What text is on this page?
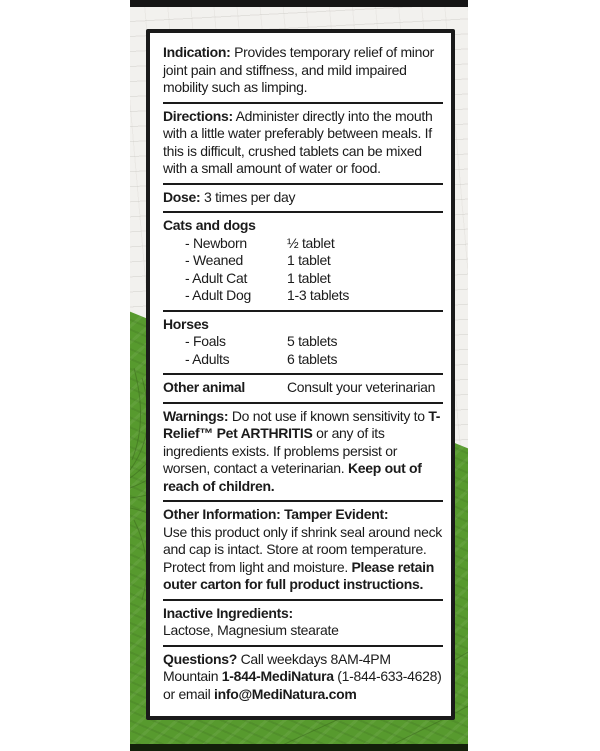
Indication: Provides temporary relief of minor joint pain and stiffness, and mild impaired mobility such as limping.

Directions: Administer directly into the mouth with a little water preferably between meals. If this is difficult, crushed tablets can be mixed with a small amount of water or food.

Dose: 3 times per day

Cats and dogs
- Newborn	½ tablet
- Weaned	1 tablet
- Adult Cat	1 tablet
- Adult Dog	1-3 tablets
Horses
- Foals	5 tablets
- Adults	6 tablets
Other animal	Consult your veterinarian

Warnings: Do not use if known sensitivity to T-Relief™ Pet ARTHRITIS or any of its ingredients exists. If problems persist or worsen, contact a veterinarian. Keep out of reach of children.

Other Information: Tamper Evident:
Use this product only if shrink seal around neck and cap is intact. Store at room temperature. Protect from light and moisture. Please retain outer carton for full product instructions.

Inactive Ingredients:
Lactose, Magnesium stearate

Questions? Call weekdays 8AM-4PM Mountain 1-844-MediNatura (1-844-633-4628) or email info@MediNatura.com
